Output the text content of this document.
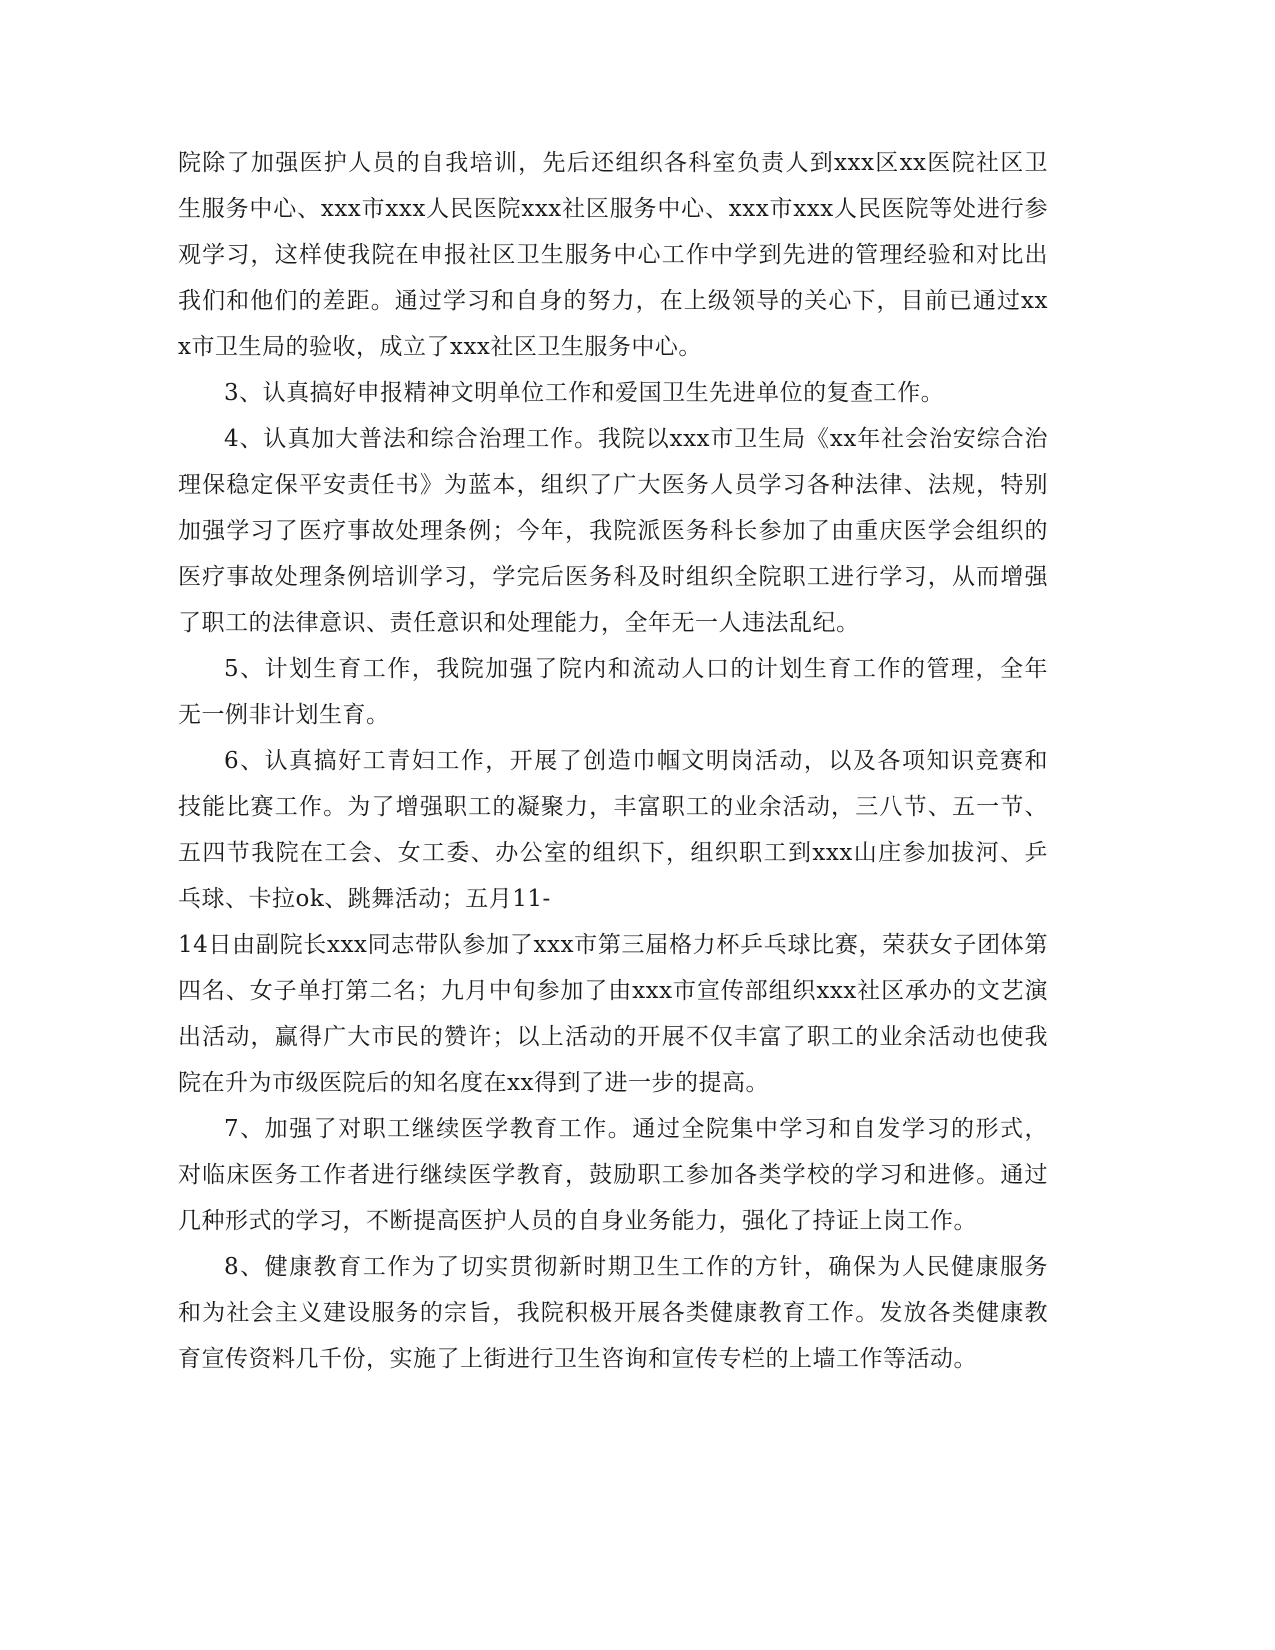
院除了加强医护人员的自我培训，先后还组织各科室负责人到xxx区xx医院社区卫
生服务中心、xxx市xxx人民医院xxx社区服务中心、xxx市xxx人民医院等处进行参
观学习，这样使我院在申报社区卫生服务中心工作中学到先进的管理经验和对比出
我们和他们的差距。通过学习和自身的努力，在上级领导的关心下，目前已通过xx
x市卫生局的验收，成立了xxx社区卫生服务中心。
3、认真搞好申报精神文明单位工作和爱国卫生先进单位的复查工作。
4、认真加大普法和综合治理工作。我院以xxx市卫生局《xx年社会治安综合治
理保稳定保平安责任书》为蓝本，组织了广大医务人员学习各种法律、法规，特别
加强学习了医疗事故处理条例；今年，我院派医务科长参加了由重庆医学会组织的
医疗事故处理条例培训学习，学完后医务科及时组织全院职工进行学习，从而增强
了职工的法律意识、责任意识和处理能力，全年无一人违法乱纪。
5、计划生育工作，我院加强了院内和流动人口的计划生育工作的管理，全年
无一例非计划生育。
6、认真搞好工青妇工作，开展了创造巾帼文明岗活动，以及各项知识竞赛和
技能比赛工作。为了增强职工的凝聚力，丰富职工的业余活动，三八节、五一节、
五四节我院在工会、女工委、办公室的组织下，组织职工到xxx山庄参加拔河、乒
乓球、卡拉ok、跳舞活动；五月11-
14日由副院长xxx同志带队参加了xxx市第三届格力杯乒乓球比赛，荣获女子团体第
四名、女子单打第二名；九月中旬参加了由xxx市宣传部组织xxx社区承办的文艺演
出活动，赢得广大市民的赞许；以上活动的开展不仅丰富了职工的业余活动也使我
院在升为市级医院后的知名度在xx得到了进一步的提高。
7、加强了对职工继续医学教育工作。通过全院集中学习和自发学习的形式，
对临床医务工作者进行继续医学教育，鼓励职工参加各类学校的学习和进修。通过
几种形式的学习，不断提高医护人员的自身业务能力，强化了持证上岗工作。
8、健康教育工作为了切实贯彻新时期卫生工作的方针，确保为人民健康服务
和为社会主义建设服务的宗旨，我院积极开展各类健康教育工作。发放各类健康教
育宣传资料几千份，实施了上街进行卫生咨询和宣传专栏的上墙工作等活动。
